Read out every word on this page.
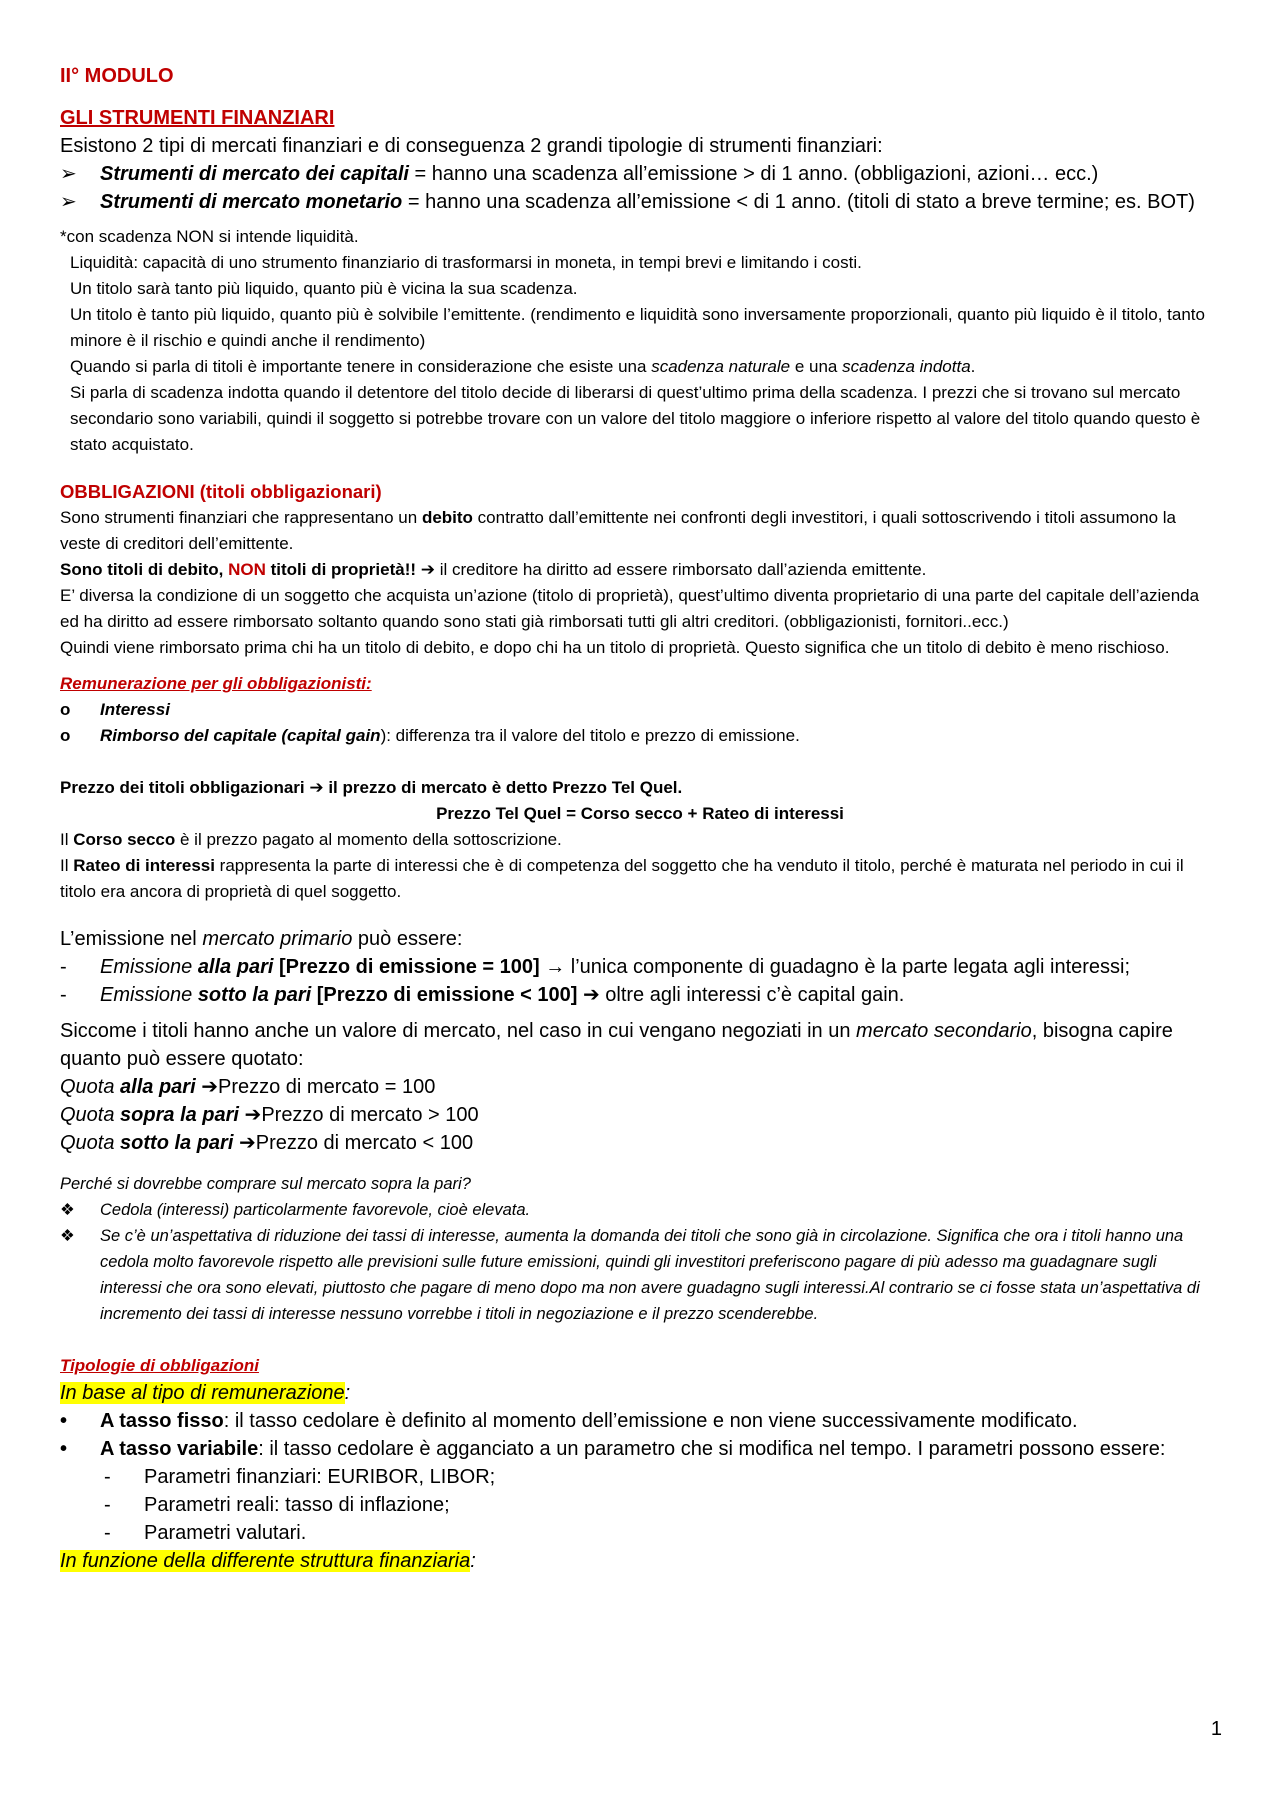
II° MODULO

GLI STRUMENTI FINANZIARI

Esistono 2 tipi di mercati finanziari e di conseguenza 2 grandi tipologie di strumenti finanziari:

➢	Strumenti di mercato dei capitali = hanno una scadenza all’emissione > di 1 anno. (obbligazioni, azioni… ecc.)
➢	Strumenti di mercato monetario = hanno una scadenza all’emissione < di 1 anno. (titoli di stato a breve termine; es. BOT)

*con scadenza NON si intende liquidità.

Liquidità: capacità di uno strumento finanziario di trasformarsi in moneta, in tempi brevi e limitando i costi.

Un titolo sarà tanto più liquido, quanto più è vicina la sua scadenza.

Un titolo è tanto più liquido, quanto più è solvibile l’emittente. (rendimento e liquidità sono inversamente proporzionali, quanto più liquido è il titolo, tanto minore è il rischio e quindi anche il rendimento)

Quando si parla di titoli è importante tenere in considerazione che esiste una scadenza naturale e una scadenza indotta.

Si parla di scadenza indotta quando il detentore del titolo decide di liberarsi di quest’ultimo prima della scadenza. I prezzi che si trovano sul mercato secondario sono variabili, quindi il soggetto si potrebbe trovare con un valore del titolo maggiore o inferiore rispetto al valore del titolo quando questo è stato acquistato.

OBBLIGAZIONI (titoli obbligazionari)

Sono strumenti finanziari che rappresentano un debito contratto dall’emittente nei confronti degli investitori, i quali sottoscrivendo i titoli assumono la veste di creditori dell’emittente.

Sono titoli di debito, NON titoli di proprietà!! ➔ il creditore ha diritto ad essere rimborsato dall’azienda emittente.

E’ diversa la condizione di un soggetto che acquista un’azione (titolo di proprietà), quest’ultimo diventa proprietario di una parte del capitale dell’azienda ed ha diritto ad essere rimborsato soltanto quando sono stati già rimborsati tutti gli altri creditori. (obbligazionisti, fornitori..ecc.)

Quindi viene rimborsato prima chi ha un titolo di debito, e dopo chi ha un titolo di proprietà. Questo significa che un titolo di debito è meno rischioso.

Remunerazione per gli obbligazionisti:

o	Interessi
o	Rimborso del capitale (capital gain): differenza tra il valore del titolo e prezzo di emissione.

Prezzo dei titoli obbligazionari ➔ il prezzo di mercato è detto Prezzo Tel Quel.

Prezzo Tel Quel = Corso secco + Rateo di interessi

Il Corso secco è il prezzo pagato al momento della sottoscrizione.

Il Rateo di interessi rappresenta la parte di interessi che è di competenza del soggetto che ha venduto il titolo, perché è maturata nel periodo in cui il titolo era ancora di proprietà di quel soggetto.

L’emissione nel mercato primario può essere:

-	Emissione alla pari [Prezzo di emissione = 100] → l’unica componente di guadagno è la parte legata agli interessi;
-	Emissione sotto la pari [Prezzo di emissione < 100] ➔ oltre agli interessi c’è capital gain.

Siccome i titoli hanno anche un valore di mercato, nel caso in cui vengano negoziati in un mercato secondario, bisogna capire quanto può essere quotato:

Quota alla pari ➔Prezzo di mercato = 100

Quota sopra la pari ➔Prezzo di mercato > 100

Quota sotto la pari ➔Prezzo di mercato < 100

Perché si dovrebbe comprare sul mercato sopra la pari?

❖	Cedola (interessi) particolarmente favorevole, cioè elevata.
❖	Se c’è un’aspettativa di riduzione dei tassi di interesse, aumenta la domanda dei titoli che sono già in circolazione. Significa che ora i titoli hanno una cedola molto favorevole rispetto alle previsioni sulle future emissioni, quindi gli investitori preferiscono pagare di più adesso ma guadagnare sugli interessi che ora sono elevati, piuttosto che pagare di meno dopo ma non avere guadagno sugli interessi.Al contrario se ci fosse stata un’aspettativa di incremento dei tassi di interesse nessuno vorrebbe i titoli in negoziazione e il prezzo scenderebbe.

Tipologie di obbligazioni

In base al tipo di remunerazione:

•	A tasso fisso: il tasso cedolare è definito al momento dell’emissione e non viene successivamente modificato.
•	A tasso variabile: il tasso cedolare è agganciato a un parametro che si modifica nel tempo. I parametri possono essere:
-	Parametri finanziari: EURIBOR, LIBOR;
-	Parametri reali: tasso di inflazione;
-	Parametri valutari.

In funzione della differente struttura finanziaria:

1
